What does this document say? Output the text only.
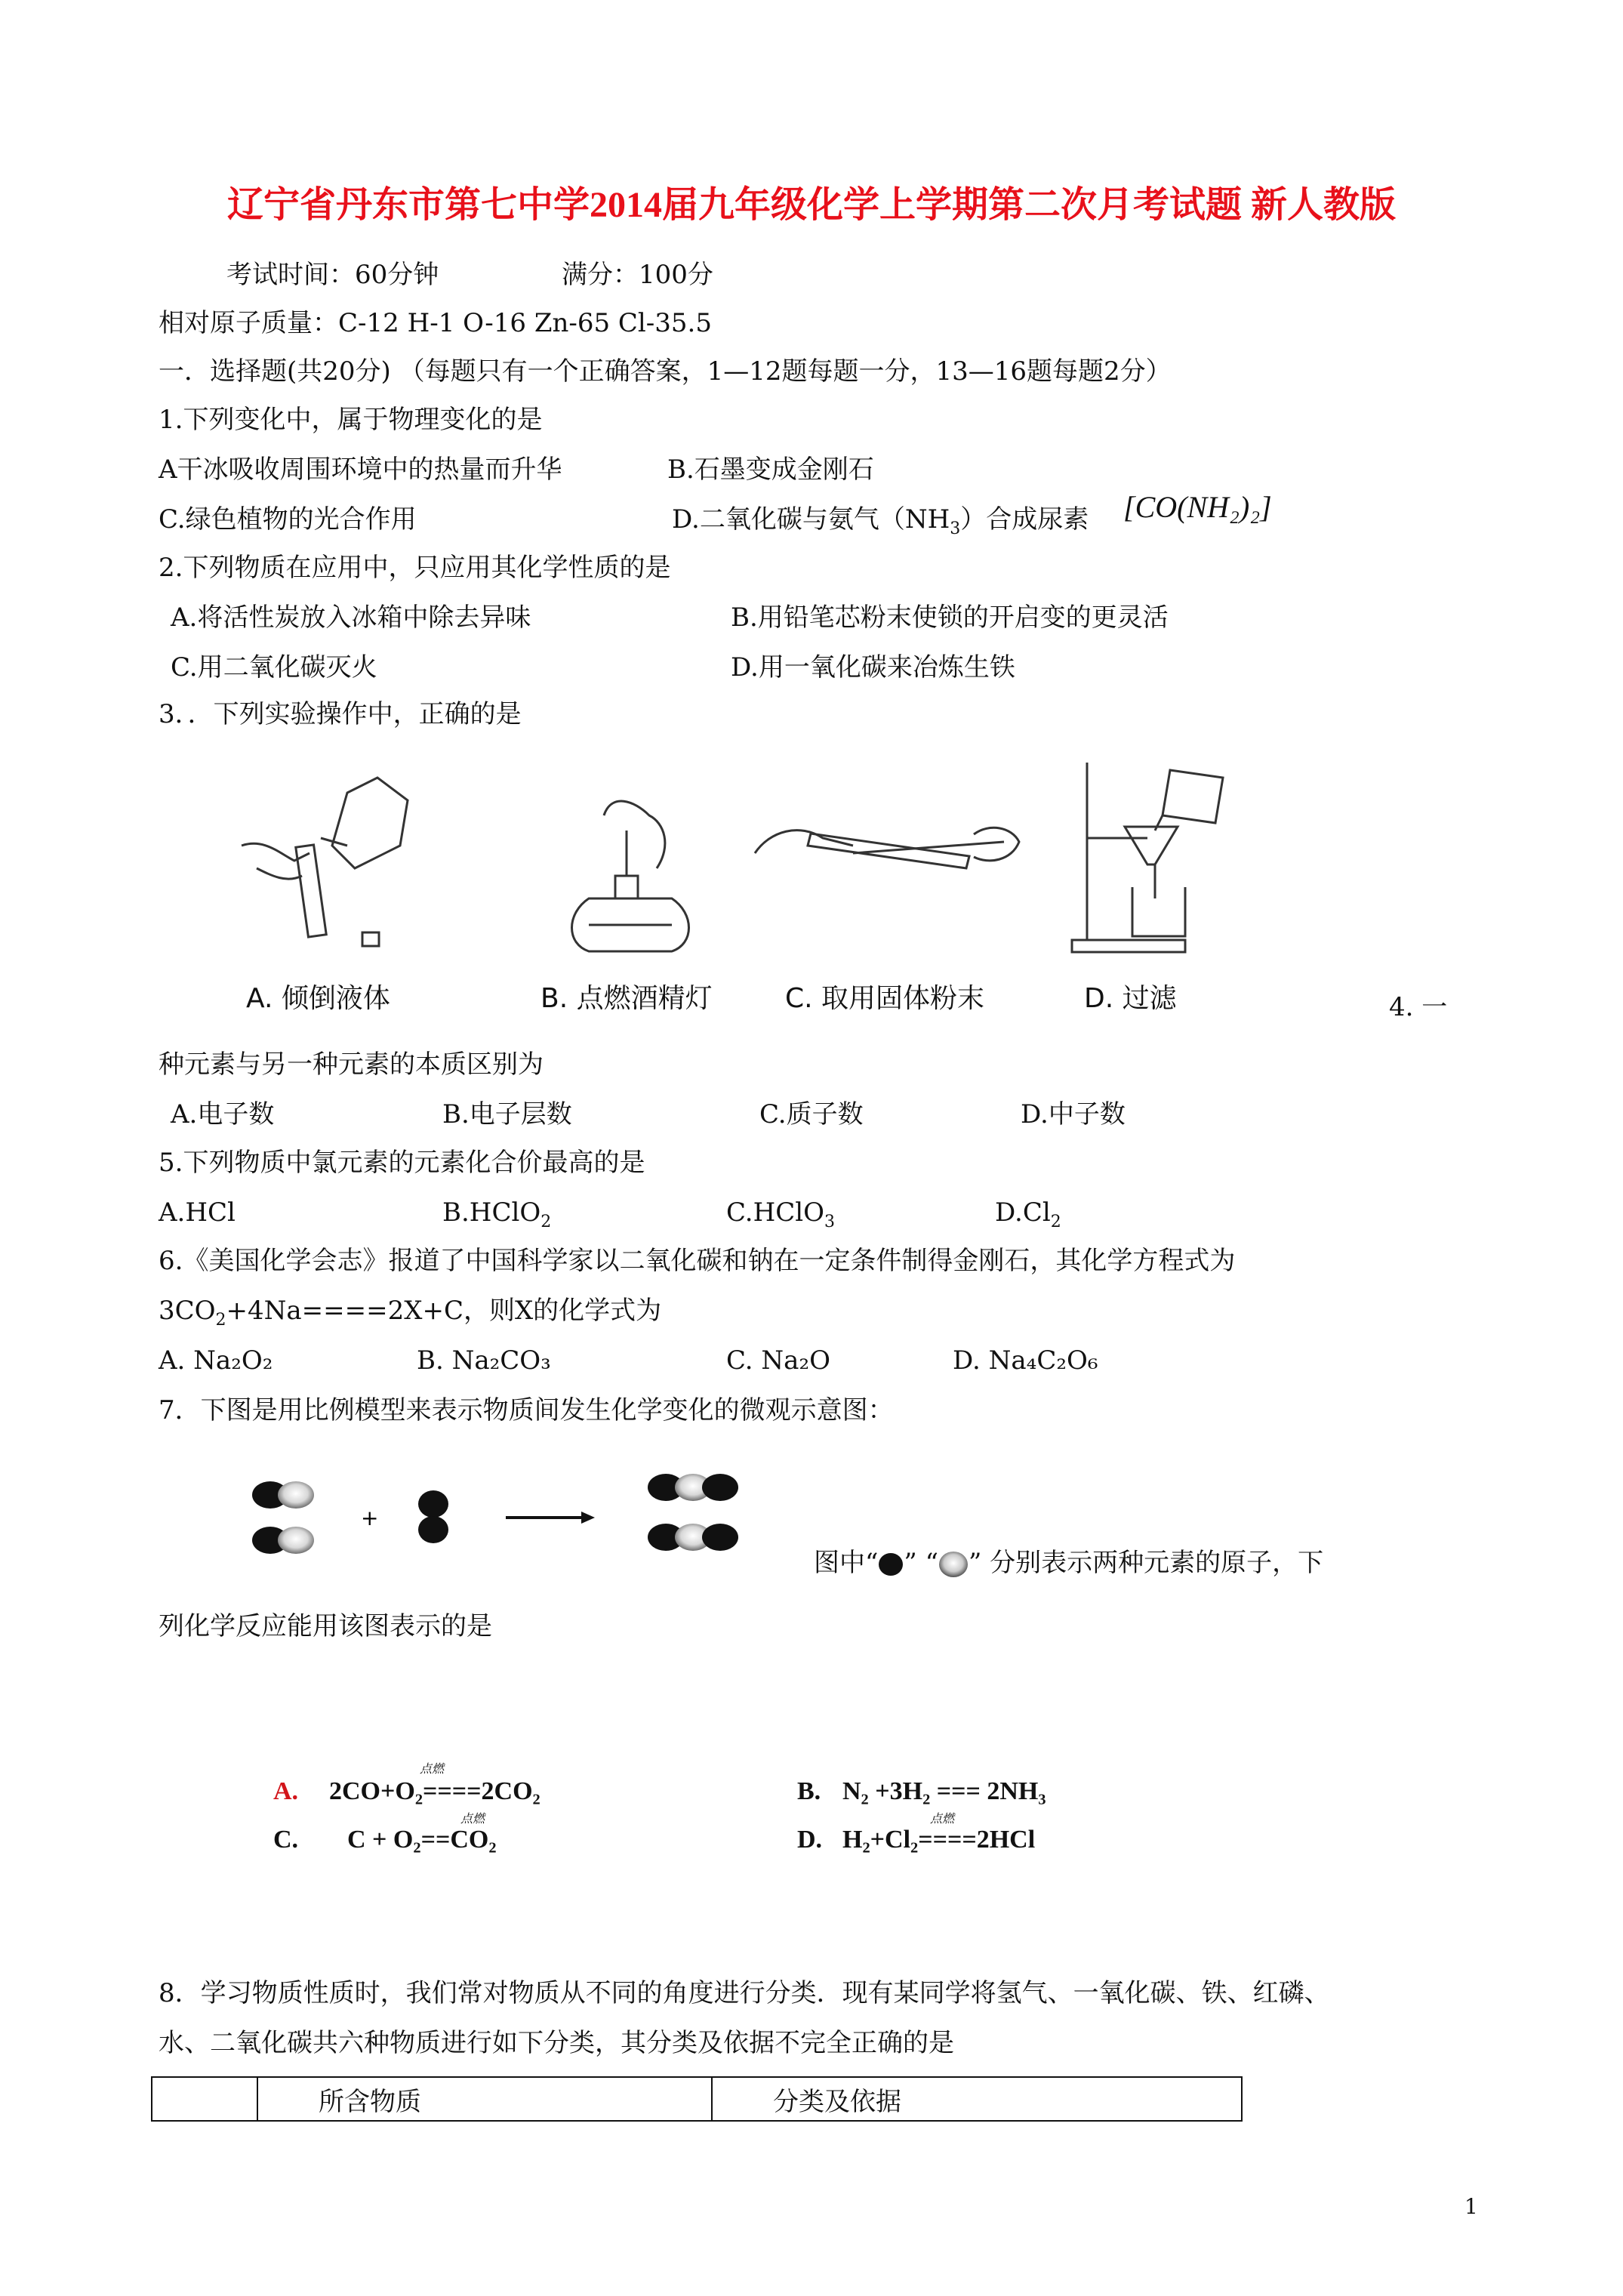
辽宁省丹东市第七中学2014届九年级化学上学期第二次月考试题 新人教版
考试时间：60分钟	满分：100分
相对原子质量：C-12 H-1 O-16 Zn-65 Cl-35.5
一．选择题(共20分) （每题只有一个正确答案，1—12题每题一分，13—16题每题2分）
1.下列变化中，属于物理变化的是
A干冰吸收周围环境中的热量而升华	B.石墨变成金刚石
C.绿色植物的光合作用	D.二氧化碳与氨气$(NH_3)$合成尿素 [CO(NH₂)₂]
2.下列物质在应用中，只应用其化学性质的是
A.将活性炭放入冰箱中除去异味	B.用铅笔芯粉末使锁的开启变的更灵活
C.用二氧化碳灭火	D.用一氧化碳来冶炼生铁
3．．下列实验操作中，正确的是
A. 倾倒液体	B. 点燃酒精灯	C. 取用固体粉末	D. 过滤	4. 一
种元素与另一种元素的本质区别为
A.电子数	B.电子层数	C.质子数	D.中子数
5.下列物质中氯元素的元素化合价最高的是
A.HCl	B.HClO$_2$	C.HClO$_3$	$D.Cl_2$
6.《美国化学会志》报道了中国科学家以二氧化碳和钠在一定条件制得金刚石，其化学方程式为
$3CO_2+4Na====2X+C$，则X的化学式为
A. Na₂O₂	B. Na₂CO₃	C. Na₂O	D. Na₄C₂O₆
7．下图是用比例模型来表示物质间发生化学变化的微观示意图：
+
图中“ ” “ ” 分别表示两种元素的原子，下
列化学反应能用该图表示的是
A. 2CO+O₂====2CO₂
点燃
B. N₂ +3H₂ === 2NH₃
C. C + O₂==CO₂
点燃
D. H₂+Cl₂====2HCl
点燃
8．学习物质性质时，我们常对物质从不同的角度进行分类．现有某同学将氢气、一氧化碳、铁、红磷、
水、二氧化碳共六种物质进行如下分类，其分类及依据不完全正确的是
	所含物质	分类及依据
1
